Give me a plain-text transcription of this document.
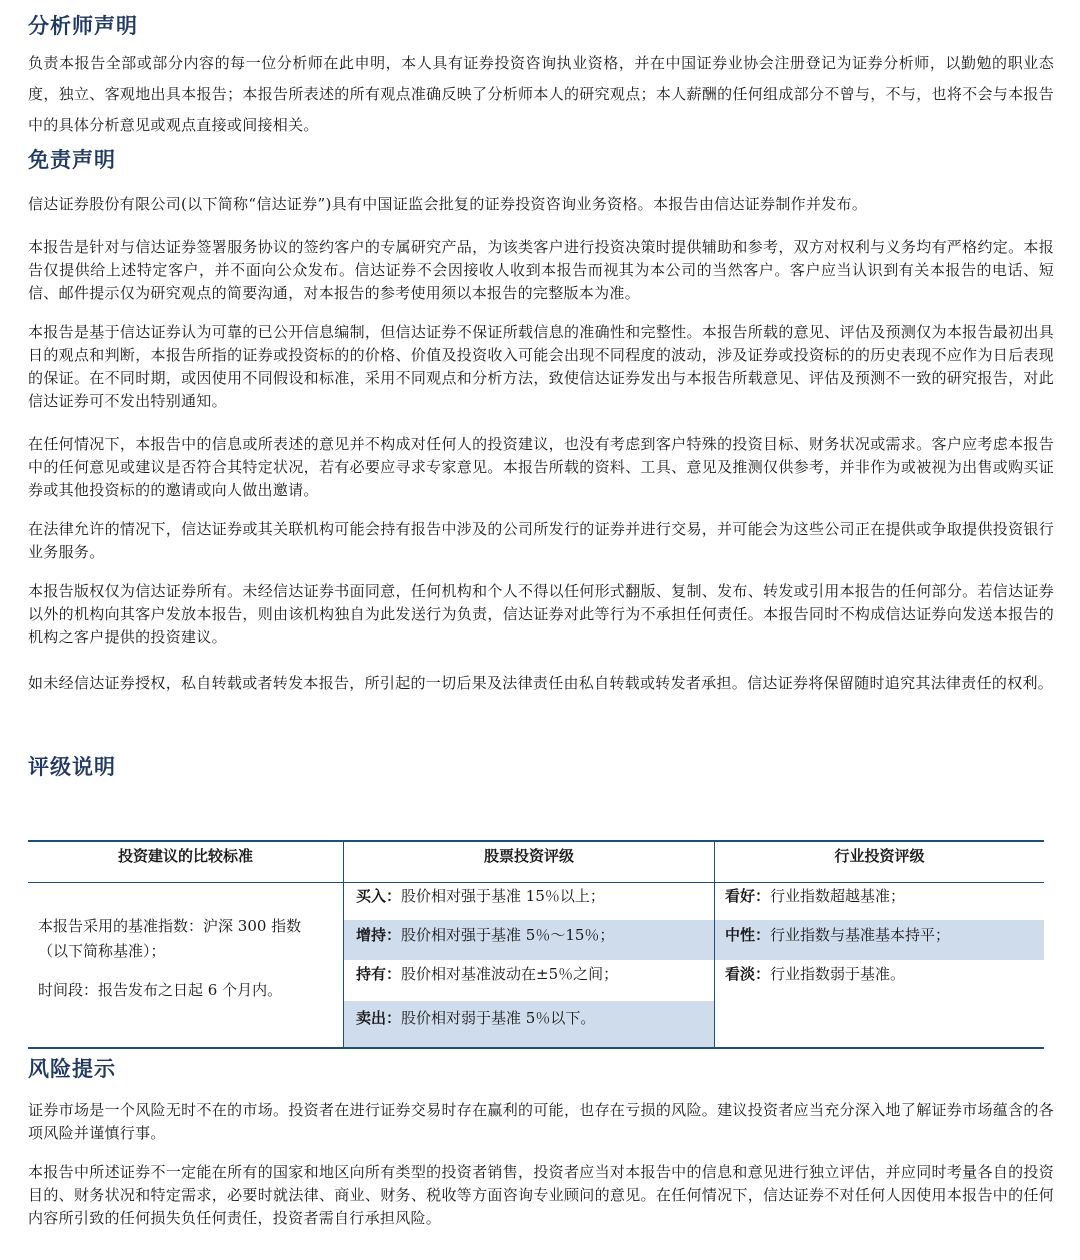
分析师声明

负责本报告全部或部分内容的每一位分析师在此申明，本人具有证券投资咨询执业资格，并在中国证券业协会注册登记为证券分析师，以勤勉的职业态度，独立、客观地出具本报告；本报告所表述的所有观点准确反映了分析师本人的研究观点；本人薪酬的任何组成部分不曾与，不与，也将不会与本报告中的具体分析意见或观点直接或间接相关。

免责声明

信达证券股份有限公司(以下简称“信达证券”)具有中国证监会批复的证券投资咨询业务资格。本报告由信达证券制作并发布。

本报告是针对与信达证券签署服务协议的签约客户的专属研究产品，为该类客户进行投资决策时提供辅助和参考，双方对权利与义务均有严格约定。本报告仅提供给上述特定客户，并不面向公众发布。信达证券不会因接收人收到本报告而视其为本公司的当然客户。客户应当认识到有关本报告的电话、短信、邮件提示仅为研究观点的简要沟通，对本报告的参考使用须以本报告的完整版本为准。

本报告是基于信达证券认为可靠的已公开信息编制，但信达证券不保证所载信息的准确性和完整性。本报告所载的意见、评估及预测仅为本报告最初出具日的观点和判断，本报告所指的证券或投资标的的价格、价值及投资收入可能会出现不同程度的波动，涉及证券或投资标的的历史表现不应作为日后表现的保证。在不同时期，或因使用不同假设和标准，采用不同观点和分析方法，致使信达证券发出与本报告所载意见、评估及预测不一致的研究报告，对此信达证券可不发出特别通知。

在任何情况下，本报告中的信息或所表述的意见并不构成对任何人的投资建议，也没有考虑到客户特殊的投资目标、财务状况或需求。客户应考虑本报告中的任何意见或建议是否符合其特定状况，若有必要应寻求专家意见。本报告所载的资料、工具、意见及推测仅供参考，并非作为或被视为出售或购买证券或其他投资标的的邀请或向人做出邀请。

在法律允许的情况下，信达证券或其关联机构可能会持有报告中涉及的公司所发行的证券并进行交易，并可能会为这些公司正在提供或争取提供投资银行业务服务。

本报告版权仅为信达证券所有。未经信达证券书面同意，任何机构和个人不得以任何形式翻版、复制、发布、转发或引用本报告的任何部分。若信达证券以外的机构向其客户发放本报告，则由该机构独自为此发送行为负责，信达证券对此等行为不承担任何责任。本报告同时不构成信达证券向发送本报告的机构之客户提供的投资建议。

如未经信达证券授权，私自转载或者转发本报告，所引起的一切后果及法律责任由私自转载或转发者承担。信达证券将保留随时追究其法律责任的权利。

评级说明
投资建议的比较标准	股票投资评级	行业投资评级

本报告采用的基准指数：沪深 300 指数（以下简称基准）；

时间段：报告发布之日起 6 个月内。

买入：股价相对强于基准 15％以上；
增持：股价相对强于基准 5％～15％；
持有：股价相对基准波动在±5％之间；
卖出：股价相对弱于基准 5％以下。
看好：行业指数超越基准；
中性：行业指数与基准基本持平；
看淡：行业指数弱于基准。
风险提示

证券市场是一个风险无时不在的市场。投资者在进行证券交易时存在赢利的可能，也存在亏损的风险。建议投资者应当充分深入地了解证券市场蕴含的各项风险并谨慎行事。

本报告中所述证券不一定能在所有的国家和地区向所有类型的投资者销售，投资者应当对本报告中的信息和意见进行独立评估，并应同时考量各自的投资目的、财务状况和特定需求，必要时就法律、商业、财务、税收等方面咨询专业顾问的意见。在任何情况下，信达证券不对任何人因使用本报告中的任何内容所引致的任何损失负任何责任，投资者需自行承担风险。
